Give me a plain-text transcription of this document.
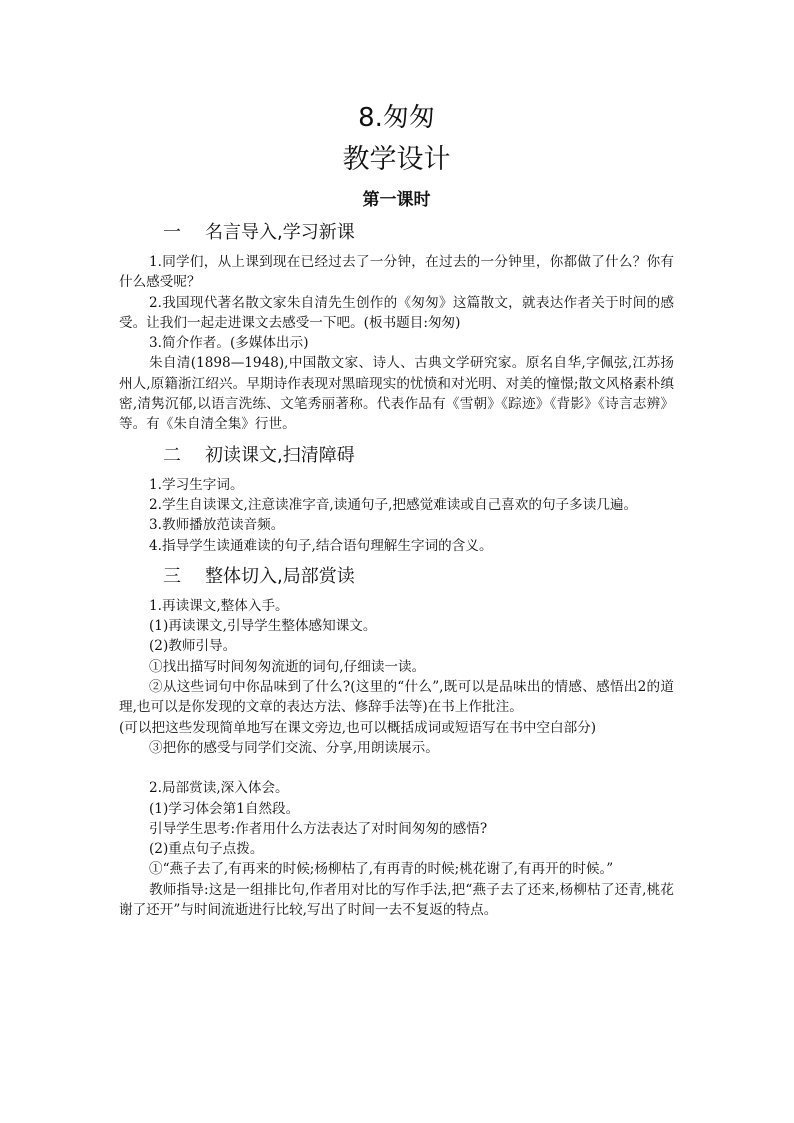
8.匆匆
教学设计
第一课时
一 名言导入,学习新课

1.同学们，从上课到现在已经过去了一分钟，在过去的一分钟里，你都做了什么？你有什么感受呢？

2.我国现代著名散文家朱自清先生创作的《匆匆》这篇散文，就表达作者关于时间的感受。让我们一起走进课文去感受一下吧。(板书题目:匆匆)

3.简介作者。(多媒体出示)

朱自清(1898—1948),中国散文家、诗人、古典文学研究家。原名自华,字佩弦,江苏扬州人,原籍浙江绍兴。早期诗作表现对黑暗现实的忧愤和对光明、对美的憧憬;散文风格素朴缜密,清隽沉郁,以语言洗练、文笔秀丽著称。代表作品有《雪朝》《踪迹》《背影》《诗言志辨》等。有《朱自清全集》行世。

二 初读课文,扫清障碍

1.学习生字词。

2.学生自读课文,注意读准字音,读通句子,把感觉难读或自己喜欢的句子多读几遍。

3.教师播放范读音频。

4.指导学生读通难读的句子,结合语句理解生字词的含义。

三 整体切入,局部赏读

1.再读课文,整体入手。

(1)再读课文,引导学生整体感知课文。

(2)教师引导。

①找出描写时间匆匆流逝的词句,仔细读一读。

②从这些词句中你品味到了什么?(这里的“什么”,既可以是品味出的情感、感悟出2的道理,也可以是你发现的文章的表达方法、修辞手法等)在书上作批注。

(可以把这些发现简单地写在课文旁边,也可以概括成词或短语写在书中空白部分)

③把你的感受与同学们交流、分享,用朗读展示。

2.局部赏读,深入体会。

(1)学习体会第1自然段。

引导学生思考:作者用什么方法表达了对时间匆匆的感悟?

(2)重点句子点拨。

①“燕子去了,有再来的时候;杨柳枯了,有再青的时候;桃花谢了,有再开的时候。”

教师指导:这是一组排比句,作者用对比的写作手法,把“燕子去了还来,杨柳枯了还青,桃花谢了还开”与时间流逝进行比较,写出了时间一去不复返的特点。
